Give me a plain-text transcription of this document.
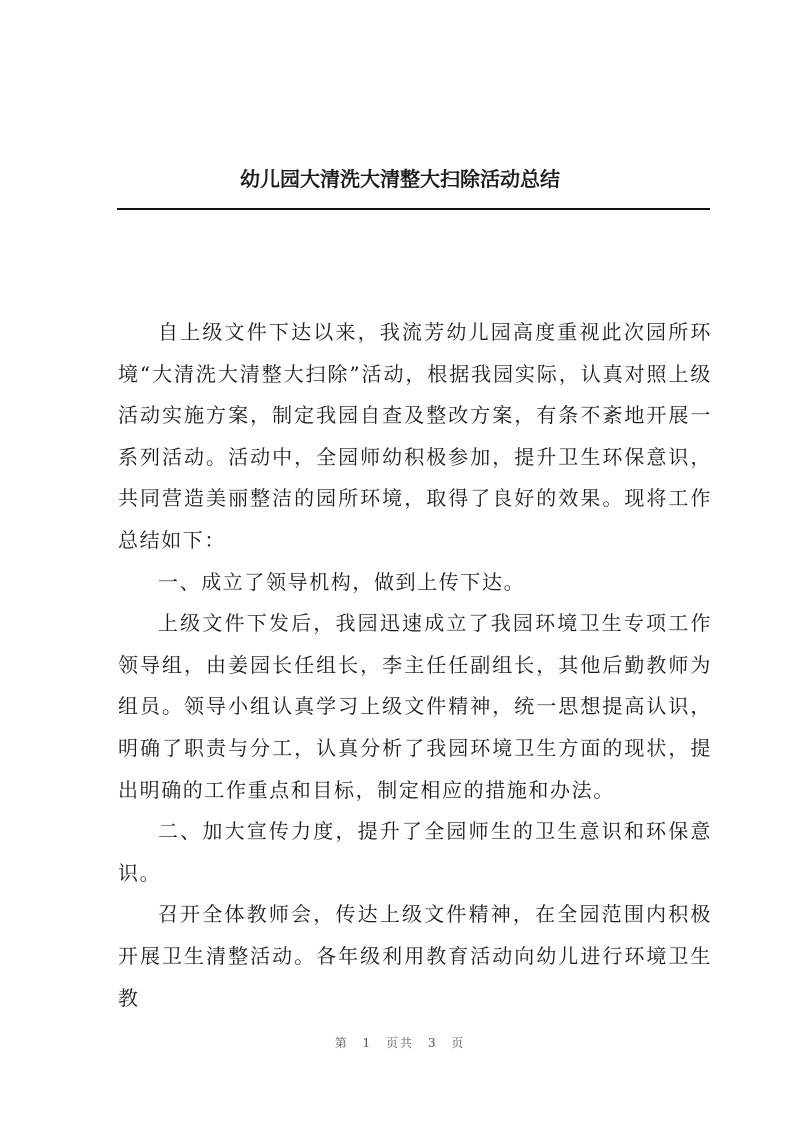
幼儿园大清洗大清整大扫除活动总结

自上级文件下达以来，我流芳幼儿园高度重视此次园所环境“大清洗大清整大扫除”活动，根据我园实际，认真对照上级活动实施方案，制定我园自查及整改方案，有条不紊地开展一系列活动。活动中，全园师幼积极参加，提升卫生环保意识，共同营造美丽整洁的园所环境，取得了良好的效果。现将工作总结如下：

一、成立了领导机构，做到上传下达。

上级文件下发后，我园迅速成立了我园环境卫生专项工作领导组，由姜园长任组长，李主任任副组长，其他后勤教师为组员。领导小组认真学习上级文件精神，统一思想提高认识，明确了职责与分工，认真分析了我园环境卫生方面的现状，提出明确的工作重点和目标，制定相应的措施和办法。

二、加大宣传力度，提升了全园师生的卫生意识和环保意识。

召开全体教师会，传达上级文件精神，在全园范围内积极开展卫生清整活动。各年级利用教育活动向幼儿进行环境卫生教

第 1 页共 3 页
